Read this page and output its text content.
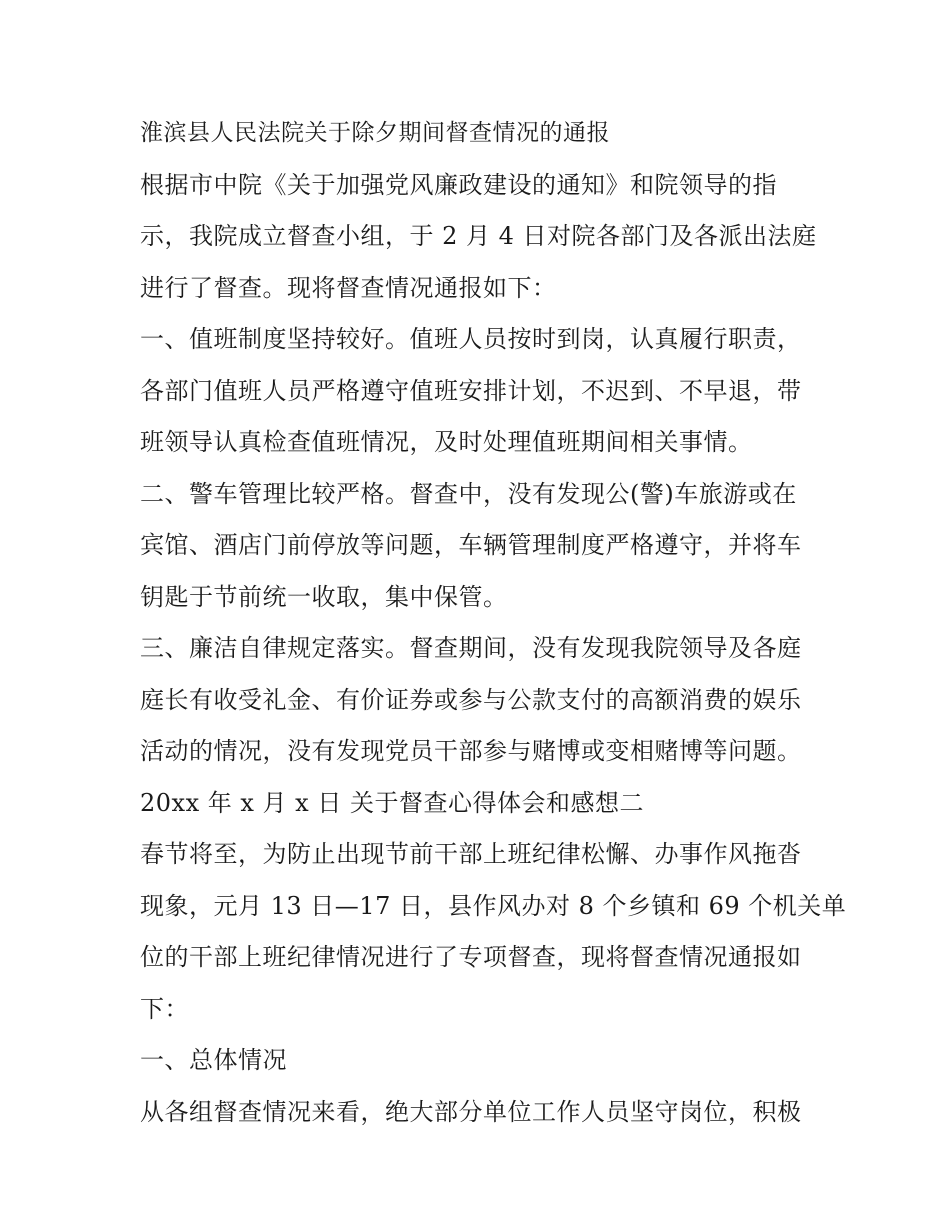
淮滨县人民法院关于除夕期间督查情况的通报
根据市中院《关于加强党风廉政建设的通知》和院领导的指
示，我院成立督查小组，于 2 月 4 日对院各部门及各派出法庭
进行了督查。现将督查情况通报如下：
一、值班制度坚持较好。值班人员按时到岗，认真履行职责，
各部门值班人员严格遵守值班安排计划，不迟到、不早退，带
班领导认真检查值班情况，及时处理值班期间相关事情。
二、警车管理比较严格。督查中，没有发现公(警)车旅游或在
宾馆、酒店门前停放等问题，车辆管理制度严格遵守，并将车
钥匙于节前统一收取，集中保管。
三、廉洁自律规定落实。督查期间，没有发现我院领导及各庭
庭长有收受礼金、有价证券或参与公款支付的高额消费的娱乐
活动的情况，没有发现党员干部参与赌博或变相赌博等问题。
20xx 年 x 月 x 日 关于督查心得体会和感想二
春节将至，为防止出现节前干部上班纪律松懈、办事作风拖沓
现象，元月 13 日—17 日，县作风办对 8 个乡镇和 69 个机关单
位的干部上班纪律情况进行了专项督查，现将督查情况通报如
下：
一、总体情况
从各组督查情况来看，绝大部分单位工作人员坚守岗位，积极
